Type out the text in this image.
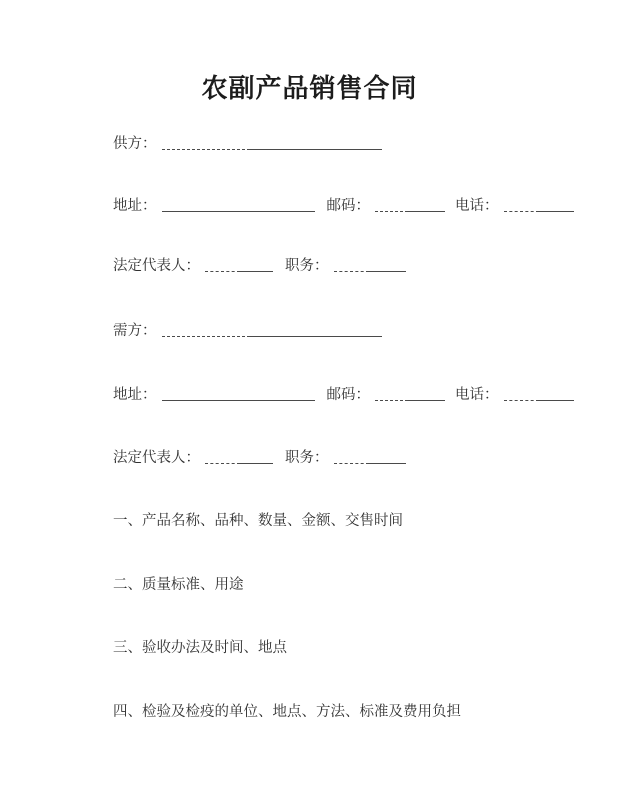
农副产品销售合同
供方：
地址：	邮码：	电话：
法定代表人：	职务：
需方：
地址：	邮码：	电话：
法定代表人：	职务：
一、产品名称、品种、数量、金额、交售时间
二、质量标准、用途
三、验收办法及时间、地点
四、检验及检疫的单位、地点、方法、标准及费用负担
